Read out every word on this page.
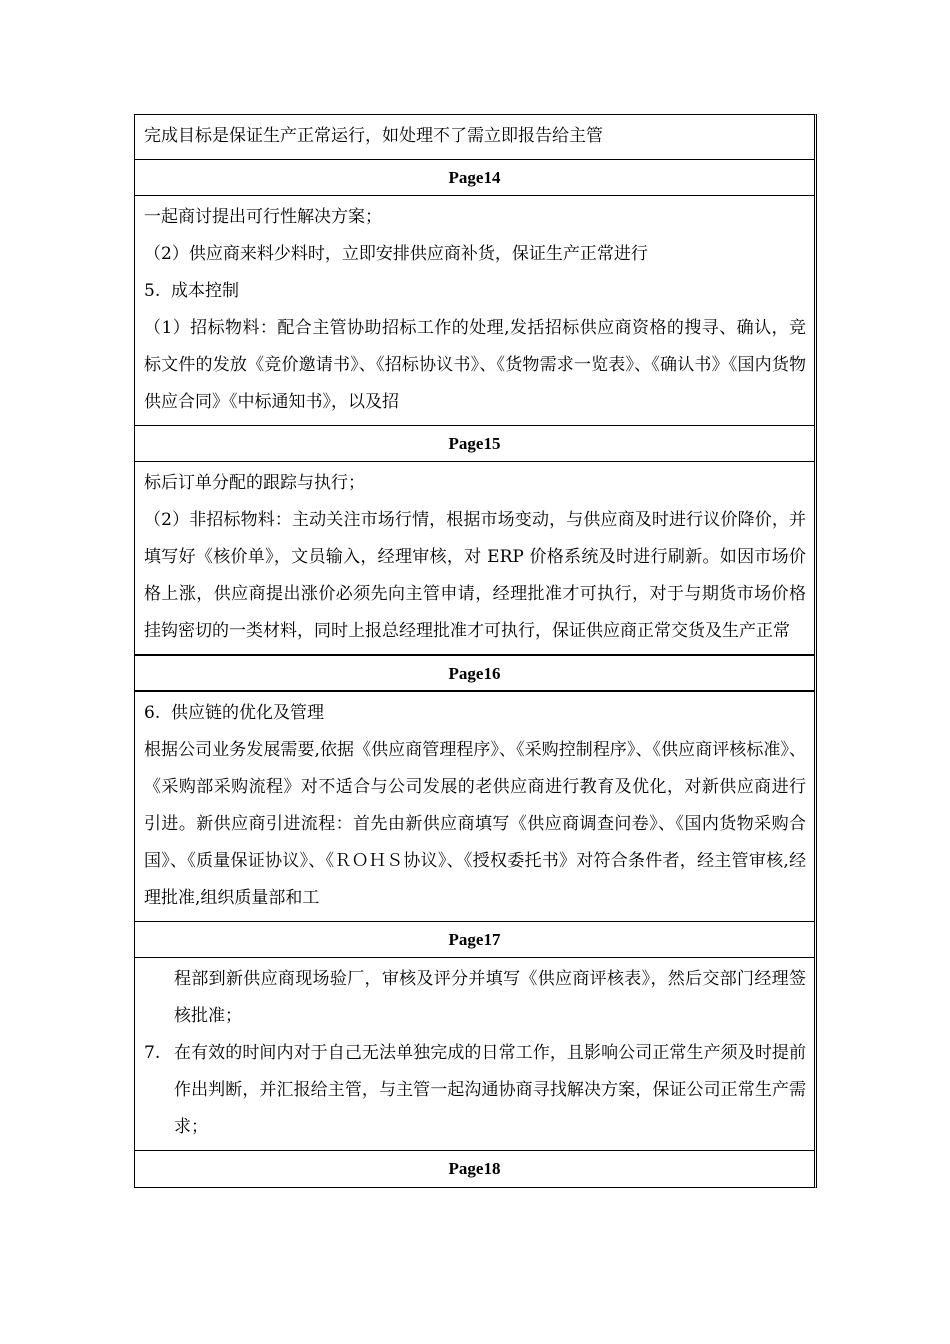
完成目标是保证生产正常运行，如处理不了需立即报告给主管

Page14

一起商讨提出可行性解决方案；

（2）供应商来料少料时，立即安排供应商补货，保证生产正常进行

5.  成本控制

（1）招标物料：配合主管协助招标工作的处理,发括招标供应商资格的搜寻、确认，竞标文件的发放《竞价邀请书》、《招标协议书》、《货物需求一览表》、《确认书》《国内货物供应合同》《中标通知书》，以及招

Page15

标后订单分配的跟踪与执行；

（2）非招标物料：主动关注市场行情，根据市场变动，与供应商及时进行议价降价，并填写好《核价单》，文员输入，经理审核，对 ERP 价格系统及时进行刷新。如因市场价格上涨，供应商提出涨价必须先向主管申请，经理批准才可执行，对于与期货市场价格挂钩密切的一类材料，同时上报总经理批准才可执行，保证供应商正常交货及生产正常

Page16

6.  供应链的优化及管理

根据公司业务发展需要,依据《供应商管理程序》、《采购控制程序》、《供应商评核标准》、《采购部采购流程》对不适合与公司发展的老供应商进行教育及优化，对新供应商进行引进。新供应商引进流程：首先由新供应商填写《供应商调查问卷》、《国内货物采购合国》、《质量保证协议》、《ＲＯＨＳ协议》、《授权委托书》对符合条件者，经主管审核,经理批准,组织质量部和工

Page17

程部到新供应商现场验厂，审核及评分并填写《供应商评核表》，然后交部门经理签核批准；

7. 在有效的时间内对于自己无法单独完成的日常工作，且影响公司正常生产须及时提前作出判断，并汇报给主管，与主管一起沟通协商寻找解决方案，保证公司正常生产需求；
Page18
